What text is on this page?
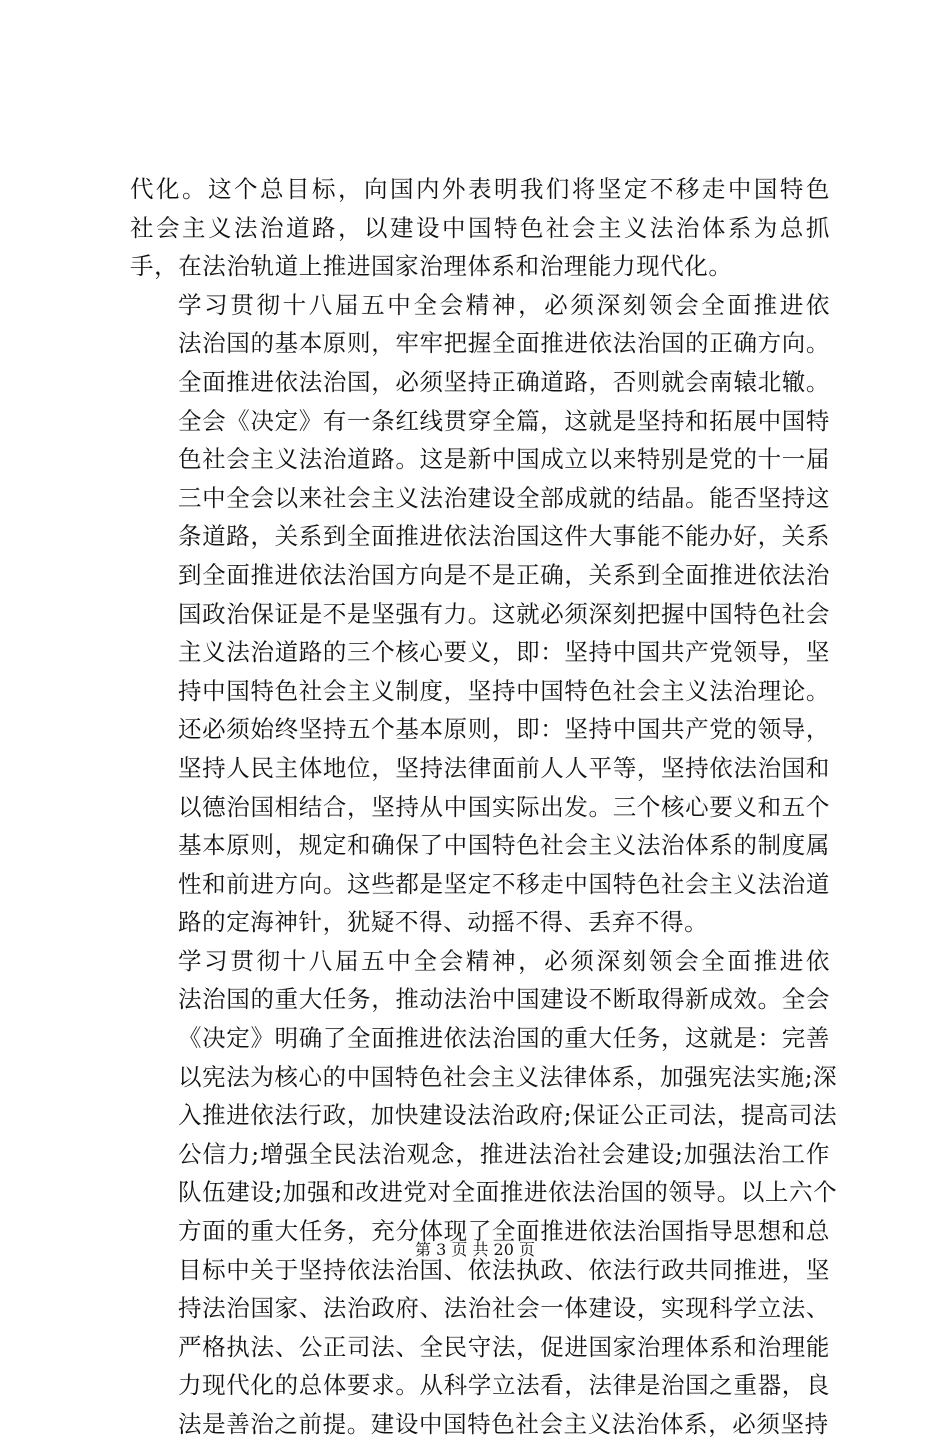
代化。这个总目标，向国内外表明我们将坚定不移走中国特色
社会主义法治道路，以建设中国特色社会主义法治体系为总抓
手，在法治轨道上推进国家治理体系和治理能力现代化。

学习贯彻十八届五中全会精神，必须深刻领会全面推进依
法治国的基本原则，牢牢把握全面推进依法治国的正确方向。
全面推进依法治国，必须坚持正确道路，否则就会南辕北辙。
全会《决定》有一条红线贯穿全篇，这就是坚持和拓展中国特
色社会主义法治道路。这是新中国成立以来特别是党的十一届
三中全会以来社会主义法治建设全部成就的结晶。能否坚持这
条道路，关系到全面推进依法治国这件大事能不能办好，关系
到全面推进依法治国方向是不是正确，关系到全面推进依法治
国政治保证是不是坚强有力。这就必须深刻把握中国特色社会
主义法治道路的三个核心要义，即：坚持中国共产党领导，坚
持中国特色社会主义制度，坚持中国特色社会主义法治理论。
还必须始终坚持五个基本原则，即：坚持中国共产党的领导，
坚持人民主体地位，坚持法律面前人人平等，坚持依法治国和
以德治国相结合，坚持从中国实际出发。三个核心要义和五个
基本原则，规定和确保了中国特色社会主义法治体系的制度属
性和前进方向。这些都是坚定不移走中国特色社会主义法治道
路的定海神针，犹疑不得、动摇不得、丢弃不得。

学习贯彻十八届五中全会精神，必须深刻领会全面推进依
法治国的重大任务，推动法治中国建设不断取得新成效。全会
《决定》明确了全面推进依法治国的重大任务，这就是：完善
以宪法为核心的中国特色社会主义法律体系，加强宪法实施;深
入推进依法行政，加快建设法治政府;保证公正司法，提高司法
公信力;增强全民法治观念，推进法治社会建设;加强法治工作
队伍建设;加强和改进党对全面推进依法治国的领导。以上六个
方面的重大任务，充分体现了全面推进依法治国指导思想和总
目标中关于坚持依法治国、依法执政、依法行政共同推进，坚
持法治国家、法治政府、法治社会一体建设，实现科学立法、
严格执法、公正司法、全民守法，促进国家治理体系和治理能
力现代化的总体要求。从科学立法看，法律是治国之重器，良
法是善治之前提。建设中国特色社会主义法治体系，必须坚持

第 3 页 共 20 页
